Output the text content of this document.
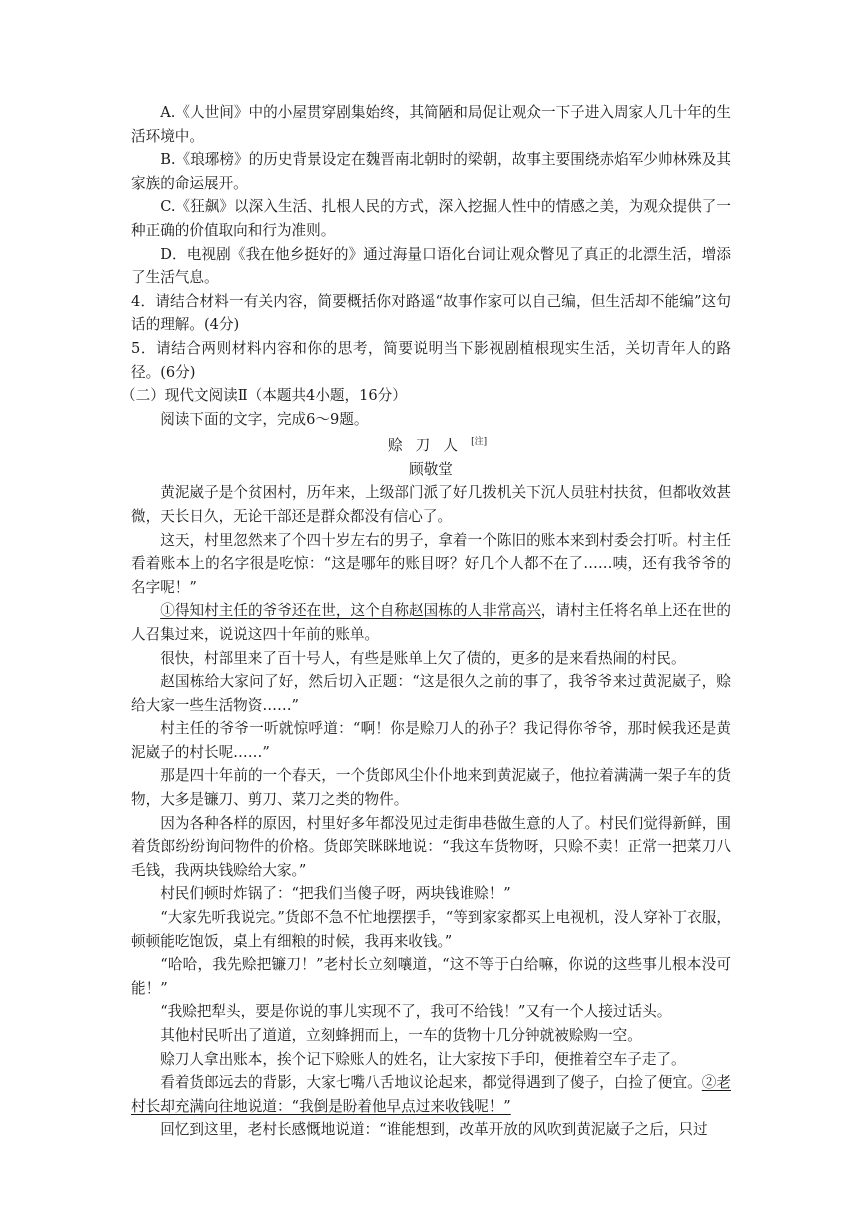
A.《人世间》中的小屋贯穿剧集始终，其简陋和局促让观众一下子进入周家人几十年的生活环境中。

B.《琅琊榜》的历史背景设定在魏晋南北朝时的梁朝，故事主要围绕赤焰军少帅林殊及其家族的命运展开。

C.《狂飙》以深入生活、扎根人民的方式，深入挖掘人性中的情感之美，为观众提供了一种正确的价值取向和行为准则。

D．电视剧《我在他乡挺好的》通过海量口语化台词让观众瞥见了真正的北漂生活，增添了生活气息。

4．请结合材料一有关内容，简要概括你对路遥“故事作家可以自己编，但生活却不能编”这句话的理解。(4分)

5．请结合两则材料内容和你的思考，简要说明当下影视剧植根现实生活，关切青年人的路径。(6分)

（二）现代文阅读Ⅱ（本题共4小题，16分）

阅读下面的文字，完成6～9题。

赊刀人[注]

顾敬堂

黄泥崴子是个贫困村，历年来，上级部门派了好几拨机关下沉人员驻村扶贫，但都收效甚微，天长日久，无论干部还是群众都没有信心了。

这天，村里忽然来了个四十岁左右的男子，拿着一个陈旧的账本来到村委会打听。村主任看着账本上的名字很是吃惊：“这是哪年的账目呀？好几个人都不在了……咦，还有我爷爷的名字呢！”

①得知村主任的爷爷还在世，这个自称赵国栋的人非常高兴，请村主任将名单上还在世的人召集过来，说说这四十年前的账单。

很快，村部里来了百十号人，有些是账单上欠了债的，更多的是来看热闹的村民。

赵国栋给大家问了好，然后切入正题：“这是很久之前的事了，我爷爷来过黄泥崴子，赊给大家一些生活物资……”

村主任的爷爷一听就惊呼道：“啊！你是赊刀人的孙子？我记得你爷爷，那时候我还是黄泥崴子的村长呢……”

那是四十年前的一个春天，一个货郎风尘仆仆地来到黄泥崴子，他拉着满满一架子车的货物，大多是镰刀、剪刀、菜刀之类的物件。

因为各种各样的原因，村里好多年都没见过走街串巷做生意的人了。村民们觉得新鲜，围着货郎纷纷询问物件的价格。货郎笑眯眯地说：“我这车货物呀，只赊不卖！正常一把菜刀八毛钱，我两块钱赊给大家。”

村民们顿时炸锅了：“把我们当傻子呀，两块钱谁赊！”

“大家先听我说完。”货郎不急不忙地摆摆手，“等到家家都买上电视机，没人穿补丁衣服，顿顿能吃饱饭，桌上有细粮的时候，我再来收钱。”

“哈哈，我先赊把镰刀！”老村长立刻嚷道，“这不等于白给嘛，你说的这些事儿根本没可能！”

“我赊把犁头，要是你说的事儿实现不了，我可不给钱！”又有一个人接过话头。

其他村民听出了道道，立刻蜂拥而上，一车的货物十几分钟就被赊购一空。

赊刀人拿出账本，挨个记下赊账人的姓名，让大家按下手印，便推着空车子走了。

看着货郎远去的背影，大家七嘴八舌地议论起来，都觉得遇到了傻子，白捡了便宜。②老村长却充满向往地说道：“我倒是盼着他早点过来收钱呢！”

回忆到这里，老村长感慨地说道：“谁能想到，改革开放的风吹到黄泥崴子之后，只过
